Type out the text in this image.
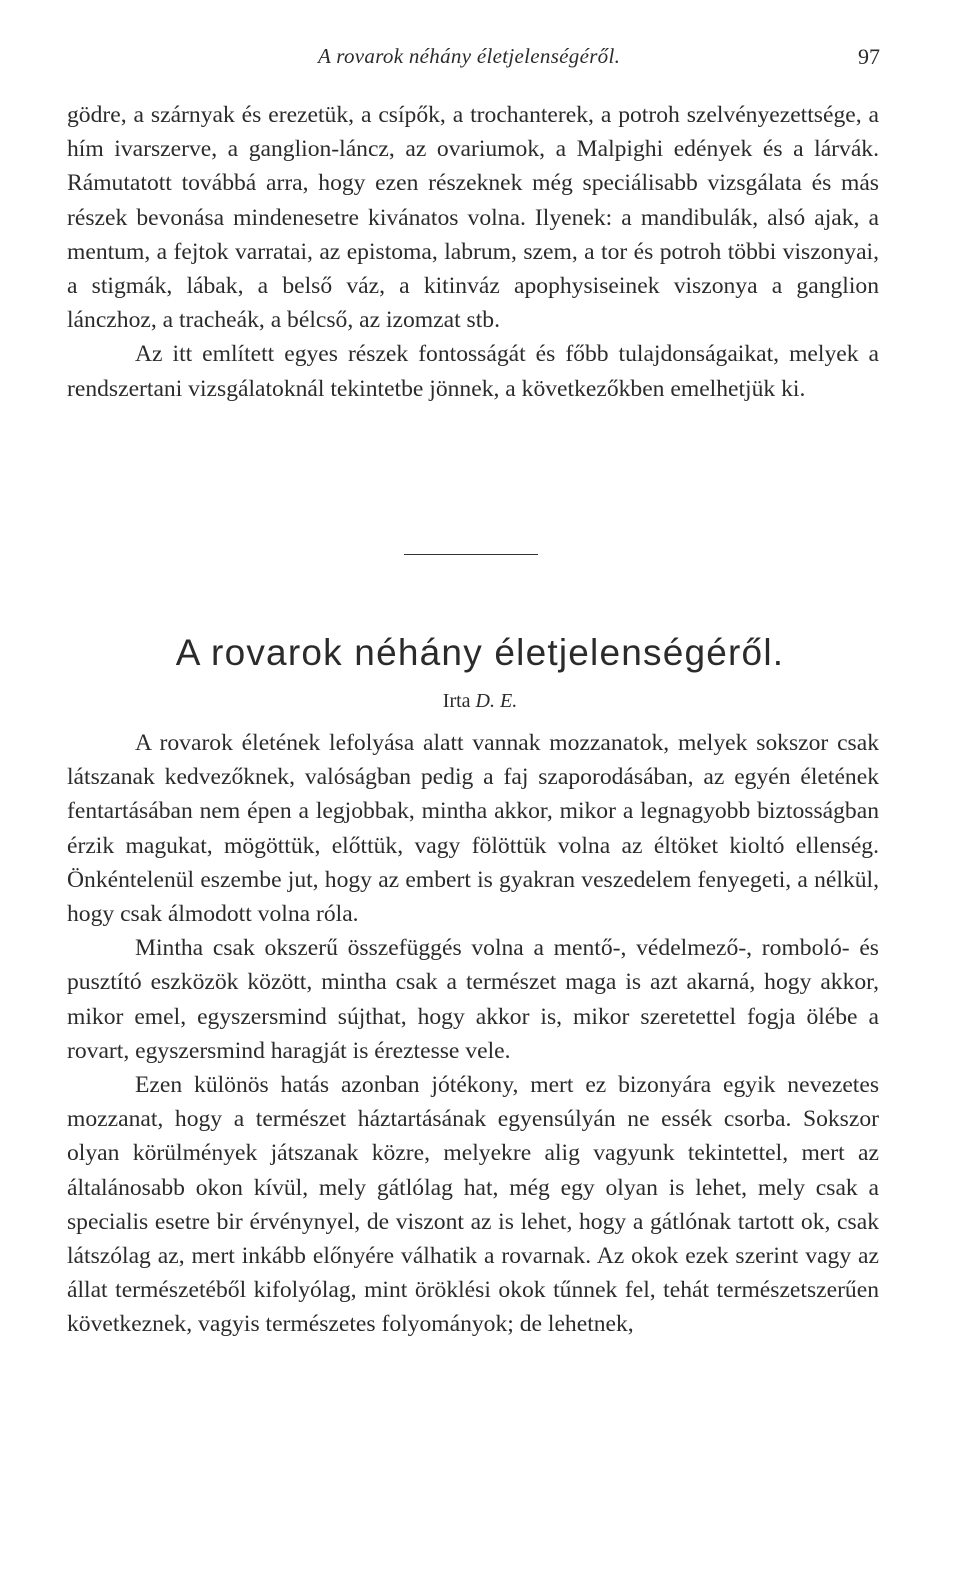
A rovarok néhány életjelenségéről.	97

gödre, a szárnyak és erezetük, a csípők, a trochanterek, a potroh szelvényezettsége, a hím ivarszerve, a ganglion-láncz, az ovariumok, a Malpighi edények és a lárvák. Rámutatott továbbá arra, hogy ezen részeknek még speciálisabb vizsgálata és más részek bevonása mindenesetre kivánatos volna. Ilyenek: a mandibulák, alsó ajak, a mentum, a fejtok varratai, az epistoma, labrum, szem, a tor és potroh többi viszonyai, a stigmák, lábak, a belső váz, a kitinváz apophysiseinek viszonya a ganglion lánczhoz, a tracheák, a bélcső, az izomzat stb.

Az itt említett egyes részek fontosságát és főbb tulajdonságaikat, melyek a rendszertani vizsgálatoknál tekintetbe jönnek, a következőkben emelhetjük ki.

A rovarok néhány életjelenségéről.
Irta D. E.

A rovarok életének lefolyása alatt vannak mozzanatok, melyek sokszor csak látszanak kedvezőknek, valóságban pedig a faj szaporodásában, az egyén életének fentartásában nem épen a legjobbak, mintha akkor, mikor a legnagyobb biztosságban érzik magukat, mögöttük, előttük, vagy fölöttük volna az éltöket kioltó ellenség. Önkéntelenül eszembe jut, hogy az embert is gyakran veszedelem fenyegeti, a nélkül, hogy csak álmodott volna róla.

Mintha csak okszerű összefüggés volna a mentő-, védelmező-, romboló- és pusztító eszközök között, mintha csak a természet maga is azt akarná, hogy akkor, mikor emel, egyszersmind sújthat, hogy akkor is, mikor szeretettel fogja ölébe a rovart, egyszersmind haragját is éreztesse vele.

Ezen különös hatás azonban jótékony, mert ez bizonyára egyik nevezetes mozzanat, hogy a természet háztartásának egyensúlyán ne essék csorba. Sokszor olyan körülmények játszanak közre, melyekre alig vagyunk tekintettel, mert az általánosabb okon kívül, mely gátlólag hat, még egy olyan is lehet, mely csak a specialis esetre bir érvénynyel, de viszont az is lehet, hogy a gátlónak tartott ok, csak látszólag az, mert inkább előnyére válhatik a rovarnak. Az okok ezek szerint vagy az állat természetéből kifolyólag, mint öröklési okok tűnnek fel, tehát természetszerűen következnek, vagyis természetes folyományok; de lehetnek,
